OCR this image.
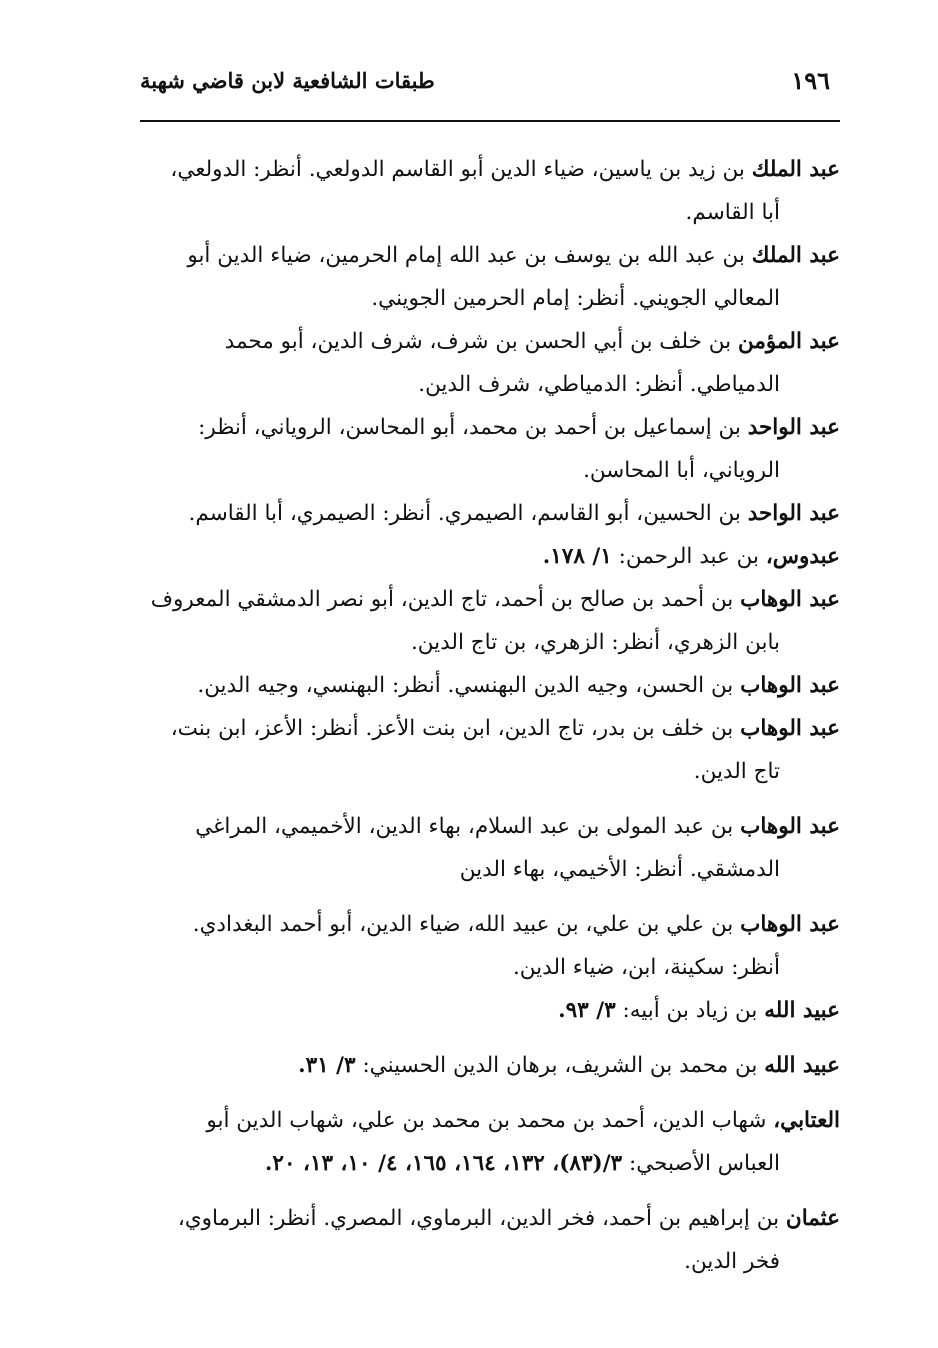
١٩٦
طبقات الشافعية لابن قاضي شهبة

عبد الملك بن زيد بن ياسين، ضياء الدين أبو القاسم الدولعي. أنظر: الدولعي، أبا القاسم.

عبد الملك بن عبد الله بن يوسف بن عبد الله إمام الحرمين، ضياء الدين أبو المعالي الجويني. أنظر: إمام الحرمين الجويني.

عبد المؤمن بن خلف بن أبي الحسن بن شرف، شرف الدين، أبو محمد الدمياطي. أنظر: الدمياطي، شرف الدين.

عبد الواحد بن إسماعيل بن أحمد بن محمد، أبو المحاسن، الروياني، أنظر: الروياني، أبا المحاسن.

عبد الواحد بن الحسين، أبو القاسم، الصيمري. أنظر: الصيمري، أبا القاسم.

عبدوس، بن عبد الرحمن: ١/ ١٧٨.

عبد الوهاب بن أحمد بن صالح بن أحمد، تاج الدين، أبو نصر الدمشقي المعروف بابن الزهري، أنظر: الزهري، بن تاج الدين.

عبد الوهاب بن الحسن، وجيه الدين البهنسي. أنظر: البهنسي، وجيه الدين.

عبد الوهاب بن خلف بن بدر، تاج الدين، ابن بنت الأعز. أنظر: الأعز، ابن بنت، تاج الدين.

عبد الوهاب بن عبد المولى بن عبد السلام، بهاء الدين، الأخميمي، المراغي الدمشقي. أنظر: الأخيمي، بهاء الدين

عبد الوهاب بن علي بن علي، بن عبيد الله، ضياء الدين، أبو أحمد البغدادي. أنظر: سكينة، ابن، ضياء الدين.

عبيد الله بن زياد بن أبيه: ٣/ ٩٣.

عبيد الله بن محمد بن الشريف، برهان الدين الحسيني: ٣/ ٣١.

العتابي، شهاب الدين، أحمد بن محمد بن محمد بن علي، شهاب الدين أبو العباس الأصبحي: ٣/(٨٣)، ١٣٢، ١٦٤، ١٦٥، ٤/ ١٠، ١٣، ٢٠.

عثمان بن إبراهيم بن أحمد، فخر الدين، البرماوي، المصري. أنظر: البرماوي، فخر الدين.
